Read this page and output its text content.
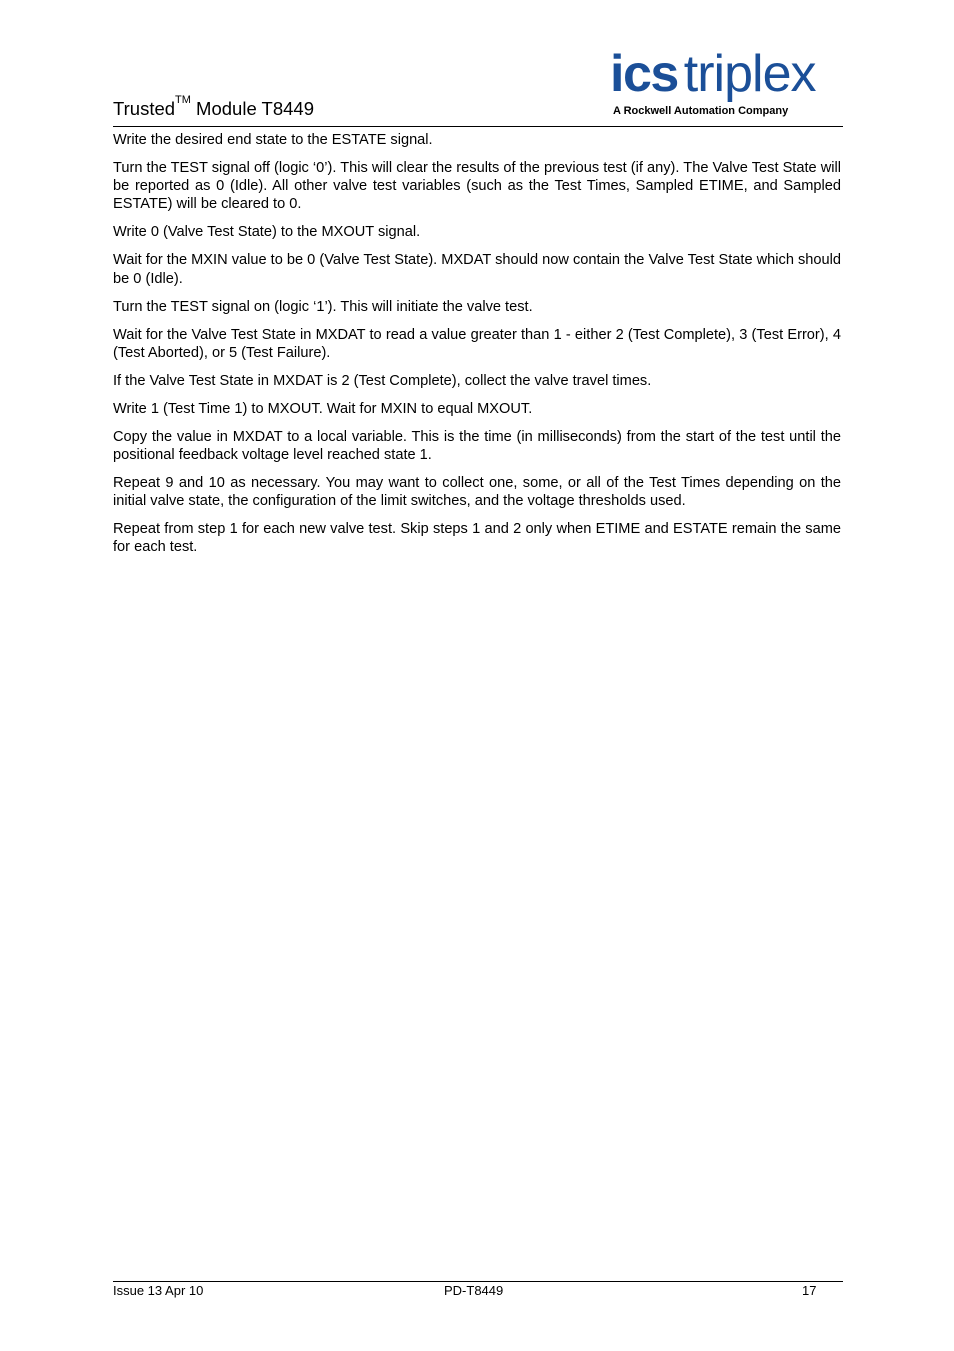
Trusted™ Module T8449
ics triplex
A Rockwell Automation Company

Write the desired end state to the ESTATE signal.

Turn the TEST signal off (logic ‘0’). This will clear the results of the previous test (if any). The Valve Test State will be reported as 0 (Idle). All other valve test variables (such as the Test Times, Sampled ETIME, and Sampled ESTATE) will be cleared to 0.

Write 0 (Valve Test State) to the MXOUT signal.

Wait for the MXIN value to be 0 (Valve Test State). MXDAT should now contain the Valve Test State which should be 0 (Idle).

Turn the TEST signal on (logic ‘1’). This will initiate the valve test.

Wait for the Valve Test State in MXDAT to read a value greater than 1 - either 2 (Test Complete), 3 (Test Error), 4 (Test Aborted), or 5 (Test Failure).

If the Valve Test State in MXDAT is 2 (Test Complete), collect the valve travel times.

Write 1 (Test Time 1) to MXOUT. Wait for MXIN to equal MXOUT.

Copy the value in MXDAT to a local variable. This is the time (in milliseconds) from the start of the test until the positional feedback voltage level reached state 1.

Repeat 9 and 10 as necessary. You may want to collect one, some, or all of the Test Times depending on the initial valve state, the configuration of the limit switches, and the voltage thresholds used.

Repeat from step 1 for each new valve test. Skip steps 1 and 2 only when ETIME and ESTATE remain the same for each test.

Issue 13 Apr 10	PD-T8449	17
